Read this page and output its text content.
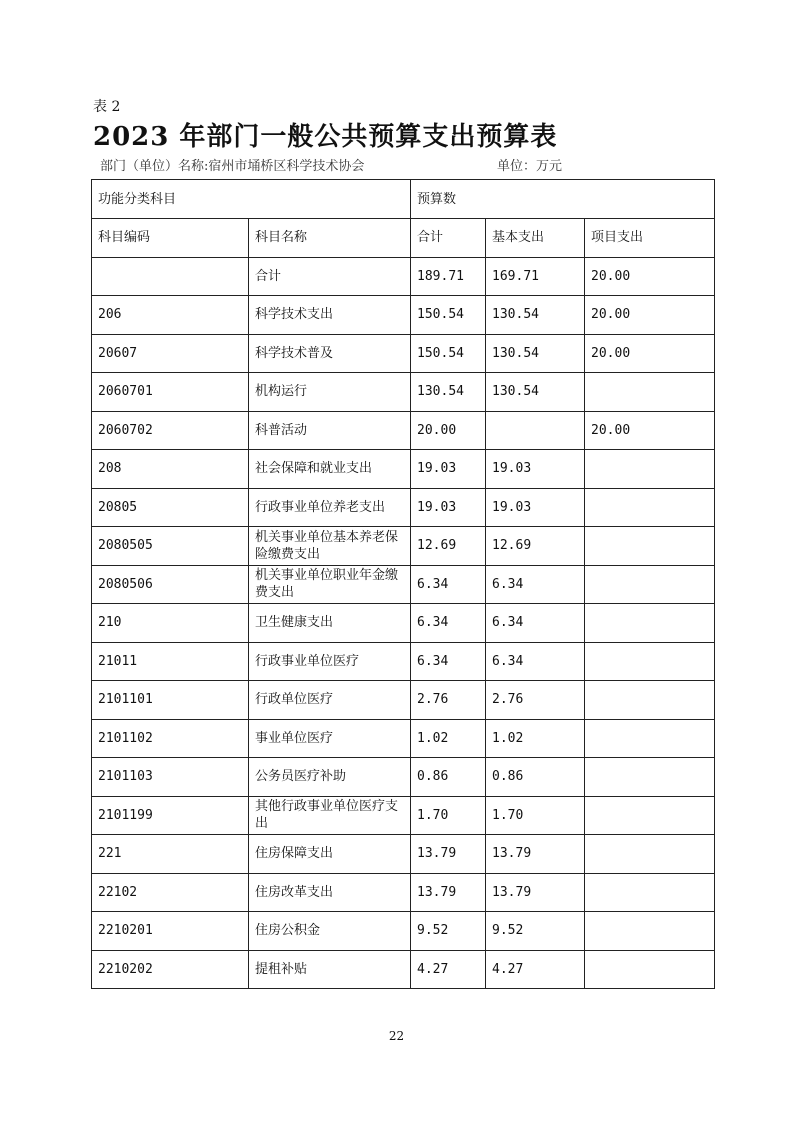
表 2
2023 年部门一般公共预算支出预算表
部门（单位）名称:宿州市埇桥区科学技术协会	单位：万元
功能分类科目		预算数		
科目编码	科目名称	合计	基本支出	项目支出
	合计	189.71	169.71	20.00
206	科学技术支出	150.54	130.54	20.00
20607	科学技术普及	150.54	130.54	20.00
2060701	机构运行	130.54	130.54	
2060702	科普活动	20.00		20.00
208	社会保障和就业支出	19.03	19.03	
20805	行政事业单位养老支出	19.03	19.03	
2080505	机关事业单位基本养老保险缴费支出	12.69	12.69	
2080506	机关事业单位职业年金缴费支出	6.34	6.34	
210	卫生健康支出	6.34	6.34	
21011	行政事业单位医疗	6.34	6.34	
2101101	行政单位医疗	2.76	2.76	
2101102	事业单位医疗	1.02	1.02	
2101103	公务员医疗补助	0.86	0.86	
2101199	其他行政事业单位医疗支出	1.70	1.70	
221	住房保障支出	13.79	13.79	
22102	住房改革支出	13.79	13.79	
2210201	住房公积金	9.52	9.52	
2210202	提租补贴	4.27	4.27	
22
